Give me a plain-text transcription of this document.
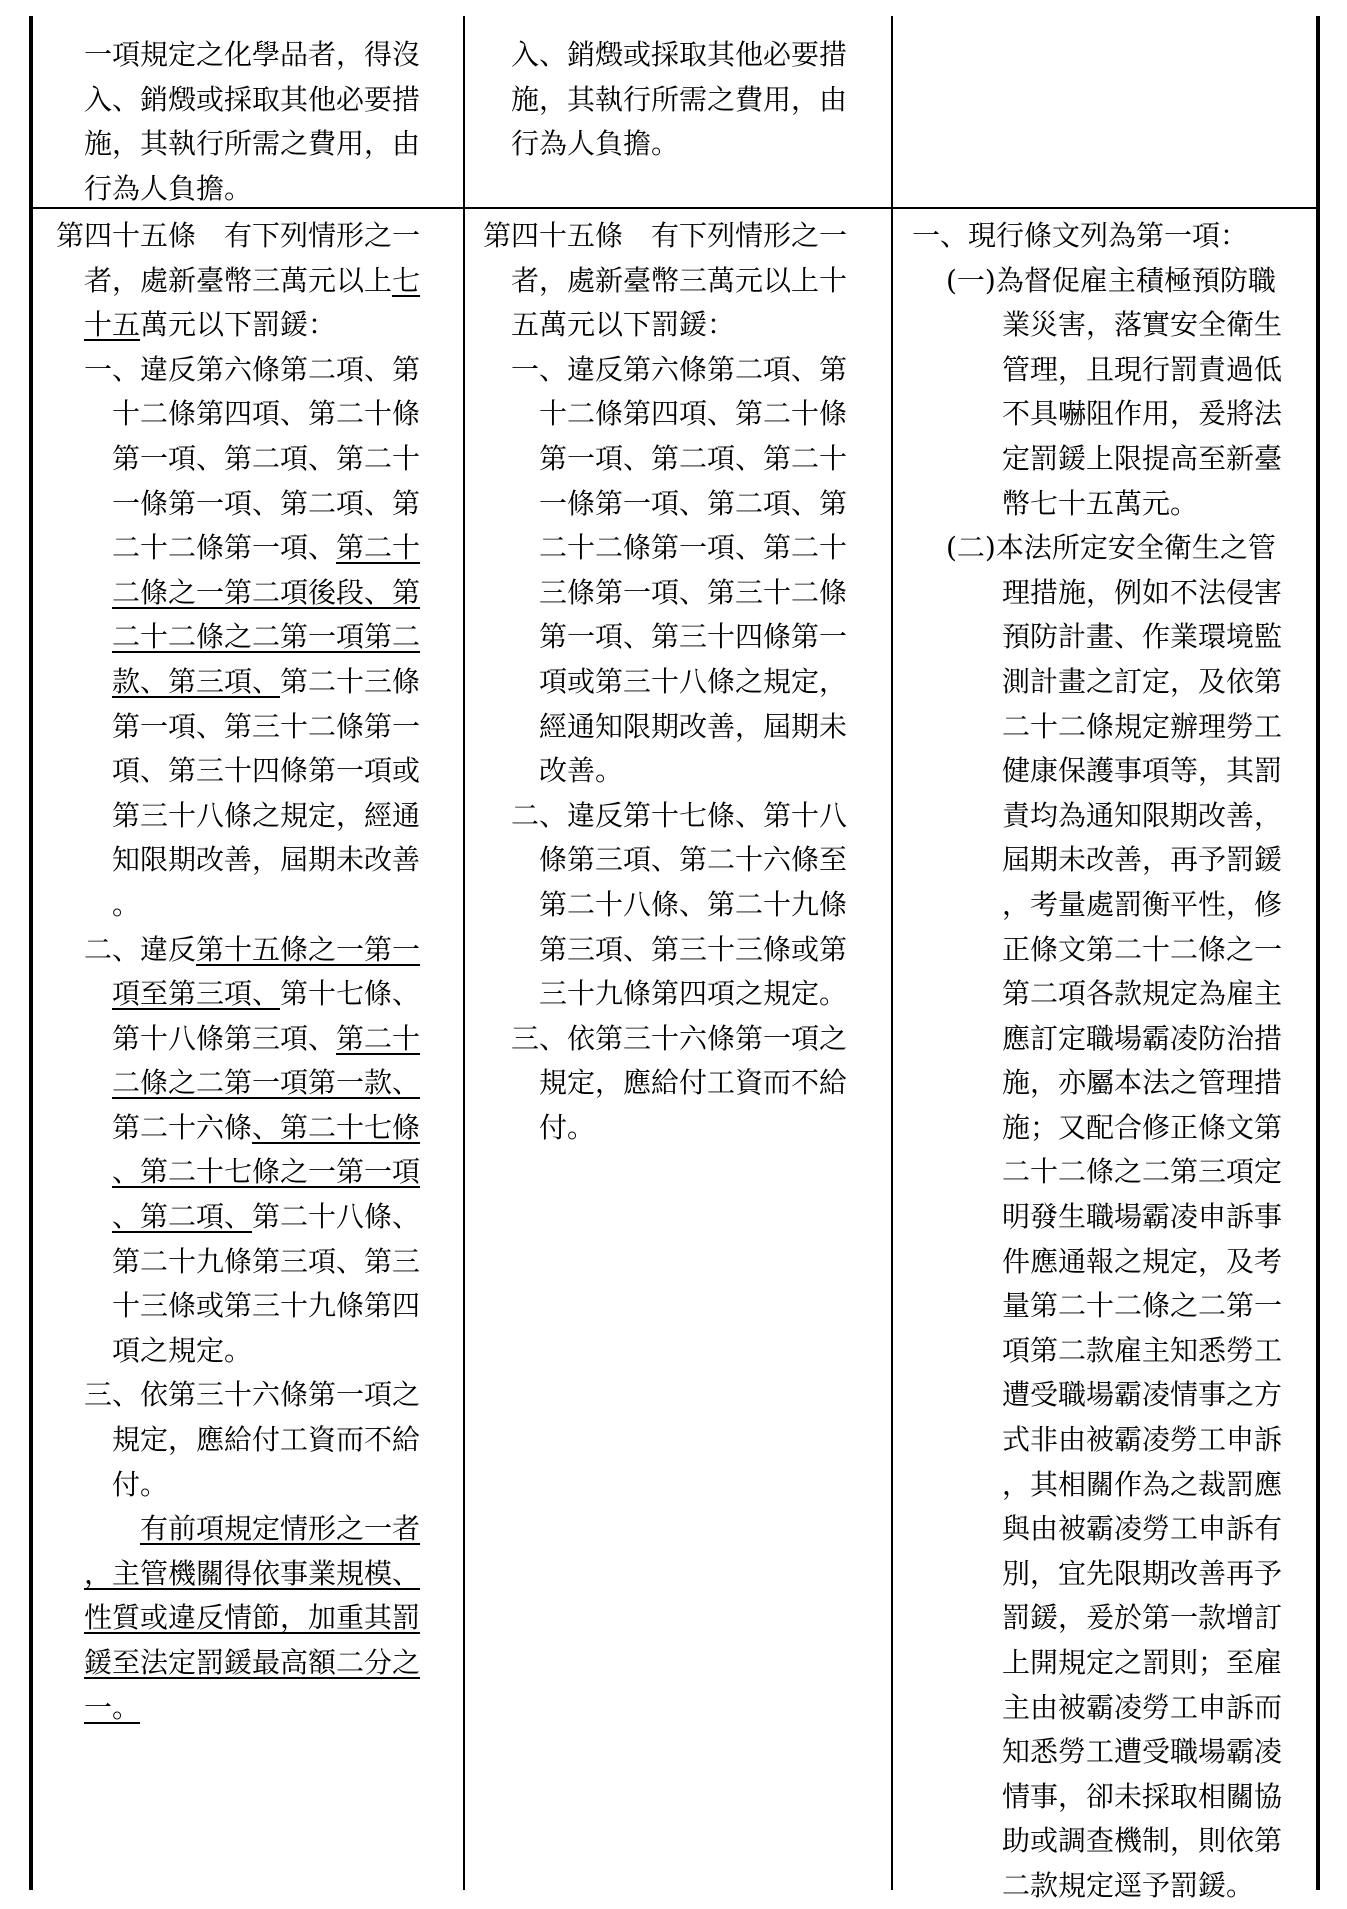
一項規定之化學品者，得沒
入、銷燬或採取其他必要措
施，其執行所需之費用，由
行為人負擔。
入、銷燬或採取其他必要措
施，其執行所需之費用，由
行為人負擔。
第四十五條　有下列情形之一
者，處新臺幣三萬元以上七
十五萬元以下罰鍰：
一、違反第六條第二項、第
十二條第四項、第二十條
第一項、第二項、第二十
一條第一項、第二項、第
二十二條第一項、第二十
二條之一第二項後段、第
二十二條之二第一項第二
款、第三項、第二十三條
第一項、第三十二條第一
項、第三十四條第一項或
第三十八條之規定，經通
知限期改善，屆期未改善
。
二、違反第十五條之一第一
項至第三項、第十七條、
第十八條第三項、第二十
二條之二第一項第一款、
第二十六條、第二十七條
、第二十七條之一第一項
、第二項、第二十八條、
第二十九條第三項、第三
十三條或第三十九條第四
項之規定。
三、依第三十六條第一項之
規定，應給付工資而不給
付。
有前項規定情形之一者
，主管機關得依事業規模、
性質或違反情節，加重其罰
鍰至法定罰鍰最高額二分之
一。
第四十五條　有下列情形之一
者，處新臺幣三萬元以上十
五萬元以下罰鍰：
一、違反第六條第二項、第
十二條第四項、第二十條
第一項、第二項、第二十
一條第一項、第二項、第
二十二條第一項、第二十
三條第一項、第三十二條
第一項、第三十四條第一
項或第三十八條之規定，
經通知限期改善，屆期未
改善。
二、違反第十七條、第十八
條第三項、第二十六條至
第二十八條、第二十九條
第三項、第三十三條或第
三十九條第四項之規定。
三、依第三十六條第一項之
規定，應給付工資而不給
付。
一、現行條文列為第一項：
(一)為督促雇主積極預防職
業災害，落實安全衛生
管理，且現行罰責過低
不具嚇阻作用，爰將法
定罰鍰上限提高至新臺
幣七十五萬元。
(二)本法所定安全衛生之管
理措施，例如不法侵害
預防計畫、作業環境監
測計畫之訂定，及依第
二十二條規定辦理勞工
健康保護事項等，其罰
責均為通知限期改善，
屆期未改善，再予罰鍰
，考量處罰衡平性，修
正條文第二十二條之一
第二項各款規定為雇主
應訂定職場霸凌防治措
施，亦屬本法之管理措
施；又配合修正條文第
二十二條之二第三項定
明發生職場霸凌申訴事
件應通報之規定，及考
量第二十二條之二第一
項第二款雇主知悉勞工
遭受職場霸凌情事之方
式非由被霸凌勞工申訴
，其相關作為之裁罰應
與由被霸凌勞工申訴有
別，宜先限期改善再予
罰鍰，爰於第一款增訂
上開規定之罰則；至雇
主由被霸凌勞工申訴而
知悉勞工遭受職場霸凌
情事，卻未採取相關協
助或調查機制，則依第
二款規定逕予罰鍰。
